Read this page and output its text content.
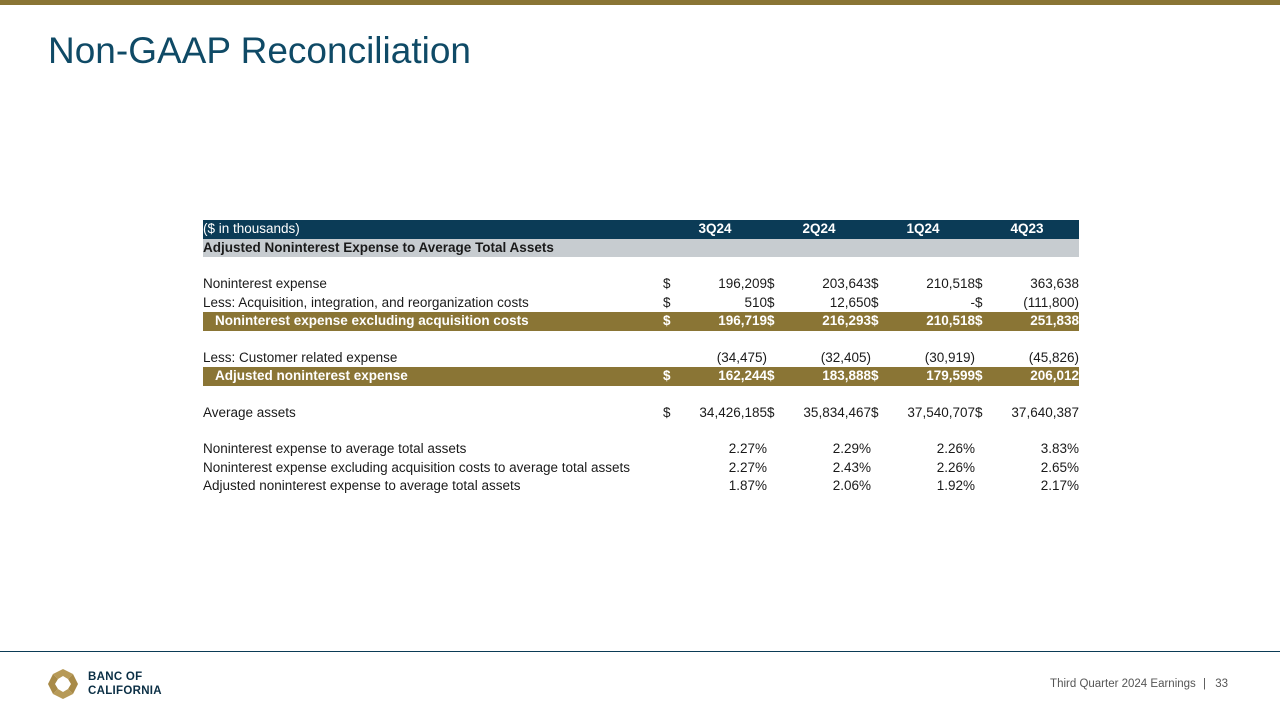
Non-GAAP Reconciliation
($ in thousands)	3Q24		2Q24		1Q24		4Q23	
Adjusted Noninterest Expense to Average Total Assets								

Noninterest expense	$	196,209	$	203,643	$	210,518	$	363,638
Less: Acquisition, integration, and reorganization costs	$	510	$	12,650	$	-	$	(111,800)
Noninterest expense excluding acquisition costs	$	196,719	$	216,293	$	210,518	$	251,838

Less: Customer related expense		(34,475)		(32,405)		(30,919)		(45,826)
Adjusted noninterest expense	$	162,244	$	183,888	$	179,599	$	206,012

Average assets	$	34,426,185	$	35,834,467	$	37,540,707	$	37,640,387

Noninterest expense to average total assets		2.27%		2.29%		2.26%		3.83%
Noninterest expense excluding acquisition costs to average total assets		2.27%		2.43%		2.26%		2.65%
Adjusted noninterest expense to average total assets		1.87%		2.06%		1.92%		2.17%
BANC OF
CALIFORNIA
Third Quarter 2024 Earnings | 33
